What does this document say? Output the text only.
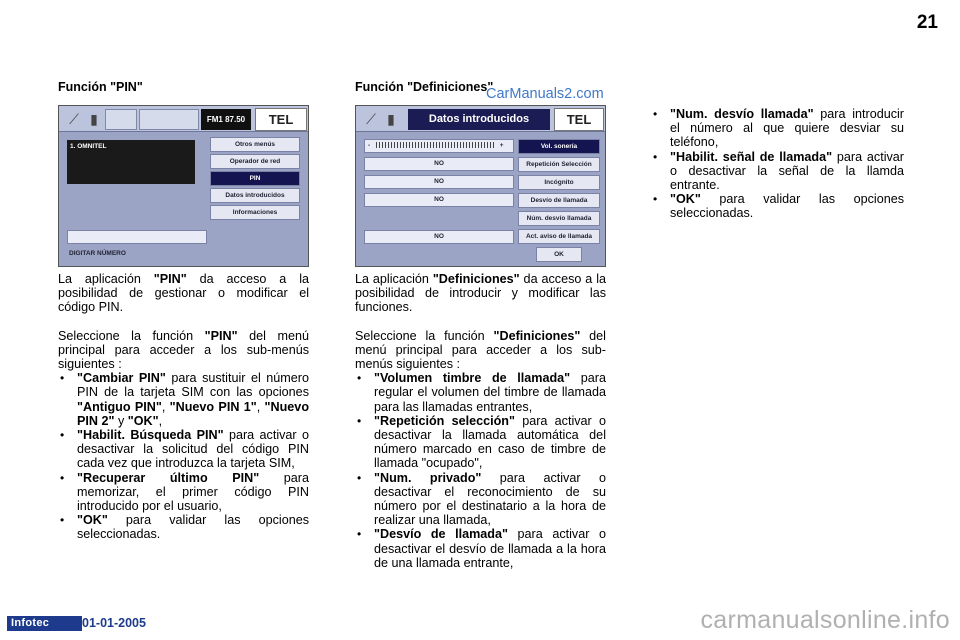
21
Función "PIN"
⟋ ▮	FM1 87.50	TEL
1. OMNITEL	Otros menús
Operador de red
PIN
Datos introducidos
Informaciones
DIGITAR NÚMERO

La aplicación "PIN" da acceso a la posibilidad de gestionar o modificar el código PIN.

Seleccione la función "PIN" del menú principal para acceder a los sub-menús siguientes :

• "Cambiar PIN" para sustituir el número PIN de la tarjeta SIM con las opciones "Antiguo PIN", "Nuevo PIN 1", "Nuevo PIN 2" y "OK",
• "Habilit. Búsqueda PIN" para activar o desactivar la solicitud del código PIN cada vez que introduzca la tarjeta SIM,
• "Recuperar último PIN" para memorizar, el primer código PIN introducido por el usuario,
• "OK" para validar las opciones seleccionadas.
Función "Definiciones"
⟋ ▮	Datos introducidos	TEL
-	+
NO
NO
NO
NO
Vol. sonería
Repetición Selección
Incógnito
Desvío de llamada
Núm. desvío llamada
Act. aviso de llamada
OK

La aplicación "Definiciones" da acceso a la posibilidad de introducir y modificar las funciones.

Seleccione la función "Definiciones" del menú principal para acceder a los sub-menús siguientes :

• "Volumen timbre de llamada" para regular el volumen del timbre de llamada para las llamadas entrantes,
• "Repetición selección" para activar o desactivar la llamada automática del número marcado en caso de timbre de llamada "ocupado",
• "Num. privado" para activar o desactivar el reconocimiento de su número por el destinatario a la hora de realizar una llamada,
• "Desvío de llamada" para activar o desactivar el desvío de llamada a la hora de una llamada entrante,
• "Num. desvío llamada" para introducir el número al que quiere desviar su teléfono,
• "Habilit. señal de llamada" para activar o desactivar la señal de la llamda entrante.
• "OK" para validar las opciones seleccionadas.
CarManuals2.com
carmanualsonline.info
Infotec	01-01-2005
